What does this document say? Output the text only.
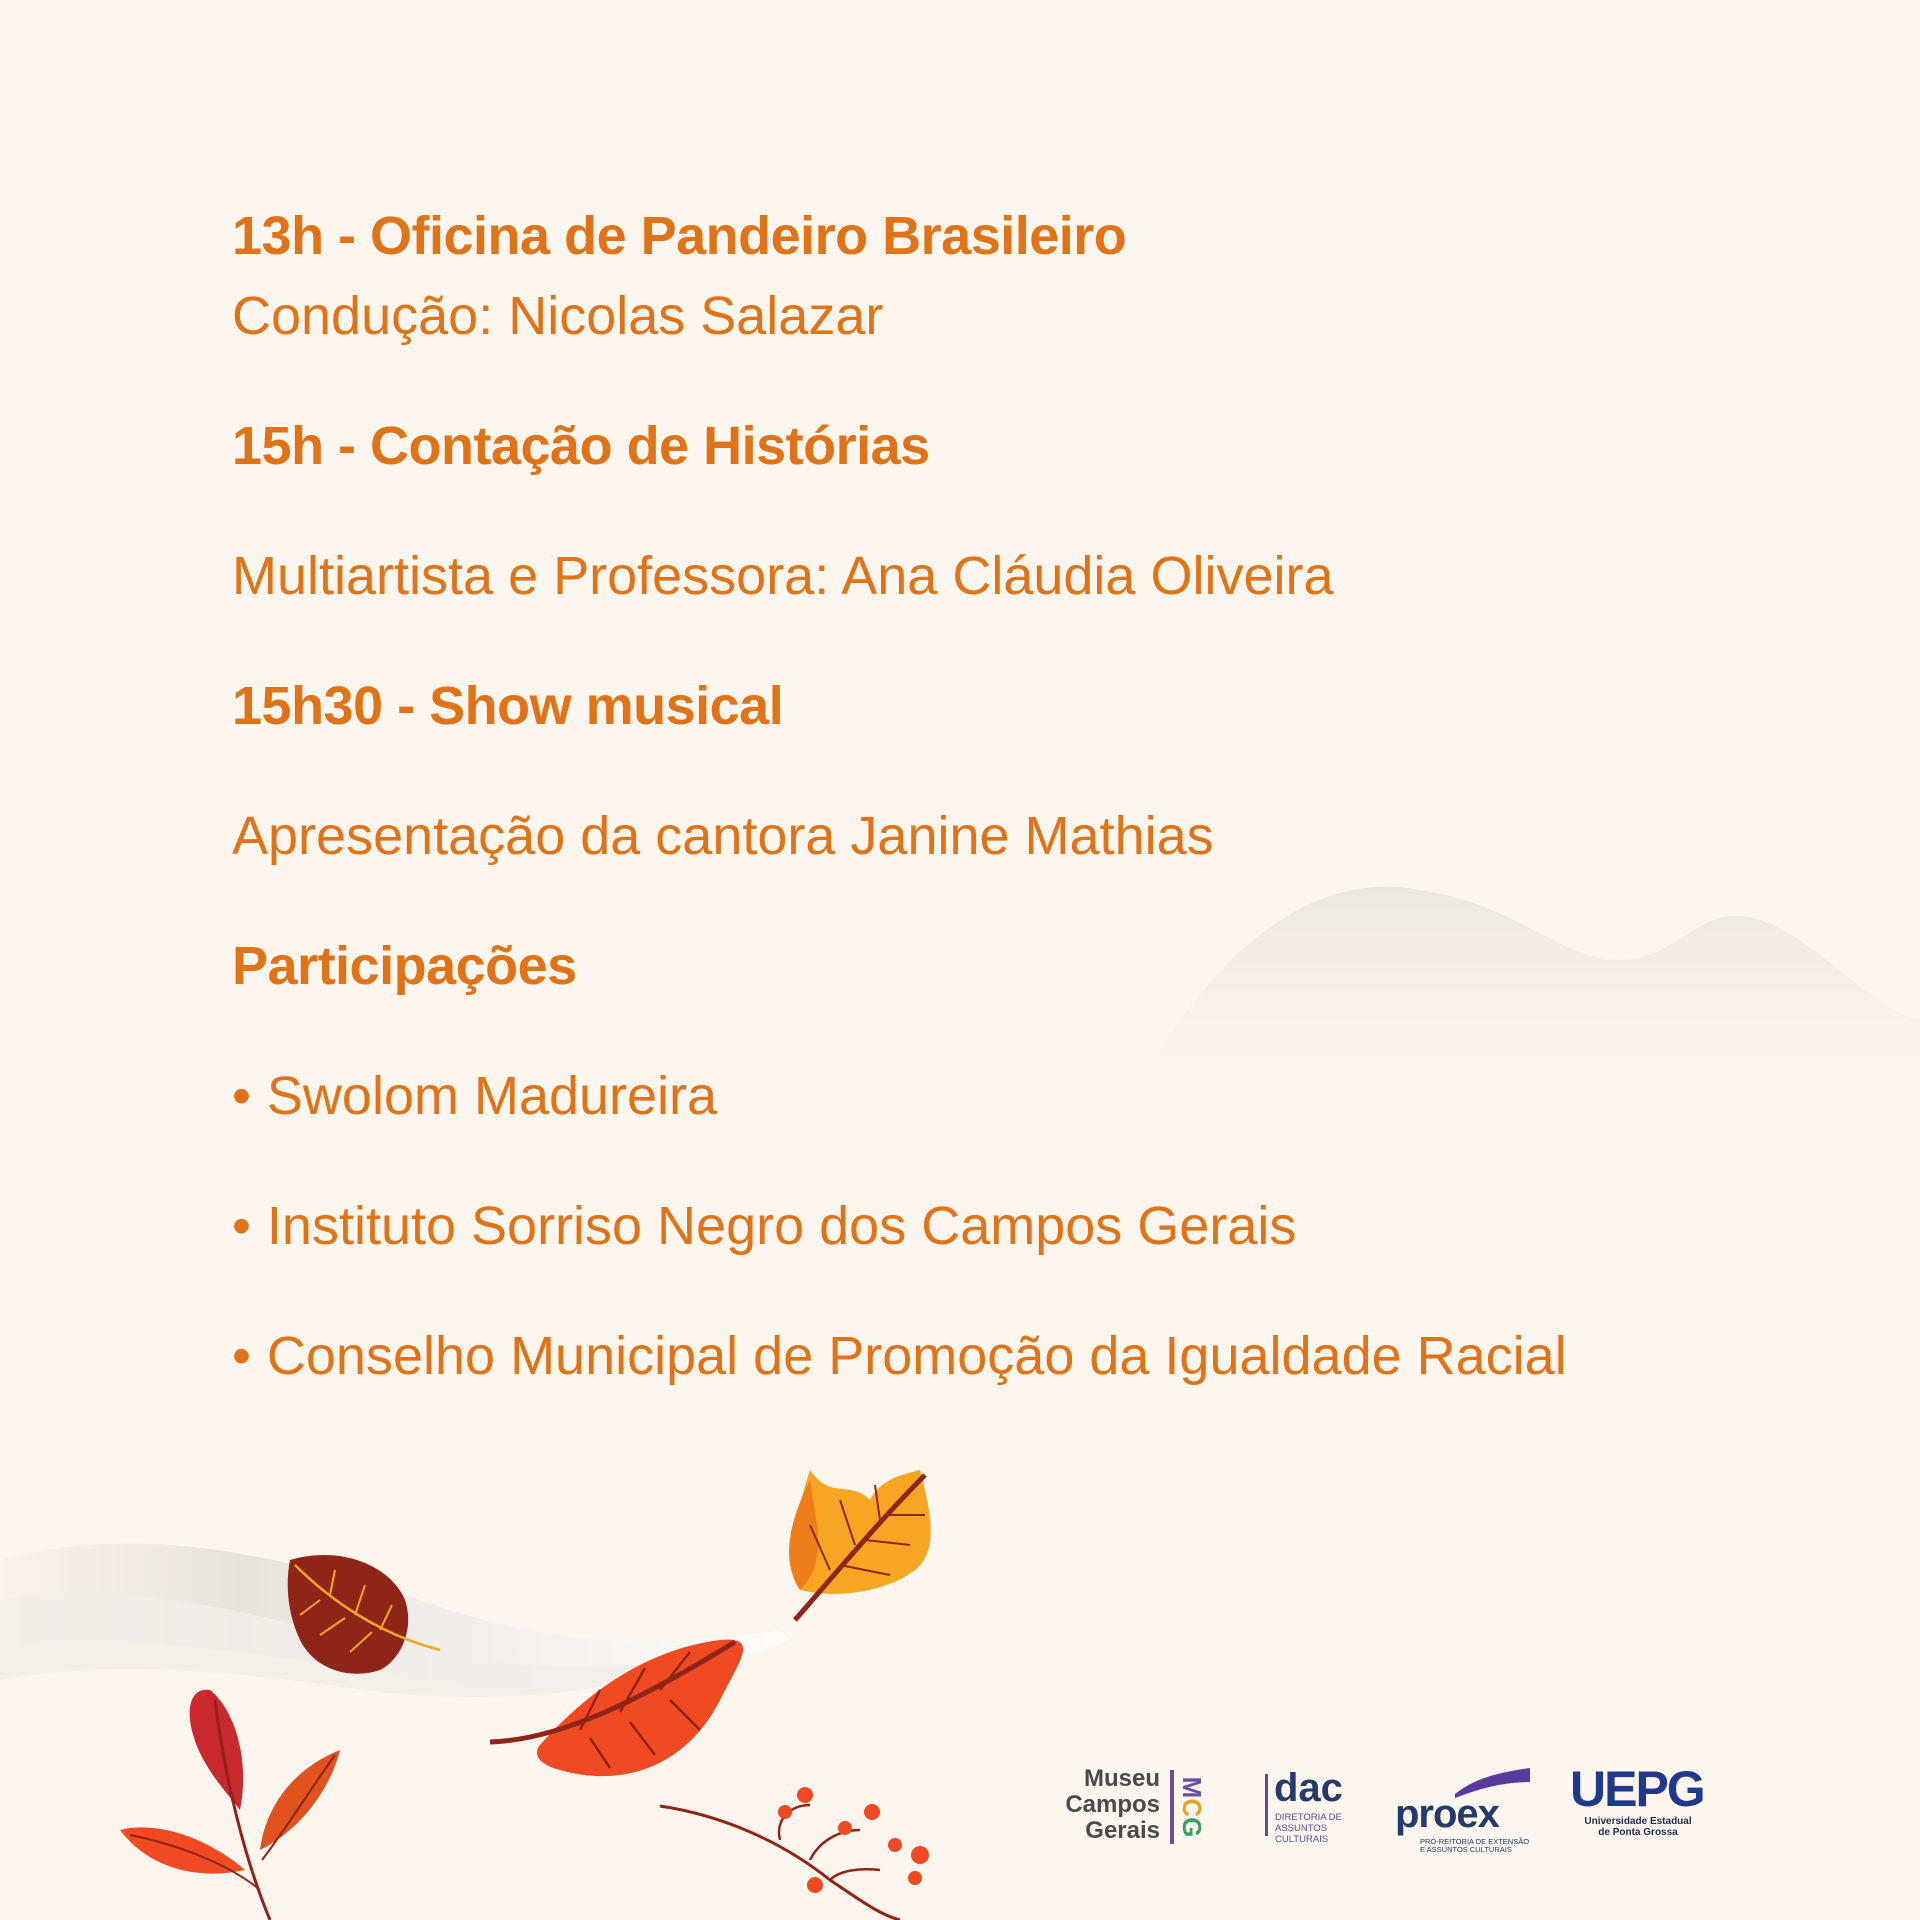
13h - Oficina de Pandeiro Brasileiro
Condução: Nicolas Salazar
15h - Contação de Histórias
Multiartista e Professora: Ana Cláudia Oliveira
15h30 - Show musical
Apresentação da cantora Janine Mathias
Participações
• Swolom Madureira
• Instituto Sorriso Negro dos Campos Gerais
• Conselho Municipal de Promoção da Igualdade Racial
Museu
Campos
Gerais
MCG
dac
DIRETORIA DE
ASSUNTOS
CULTURAIS
proex
PRÓ-REITORIA DE EXTENSÃO
E ASSUNTOS CULTURAIS
UEPG
Universidade Estadual
de Ponta Grossa
